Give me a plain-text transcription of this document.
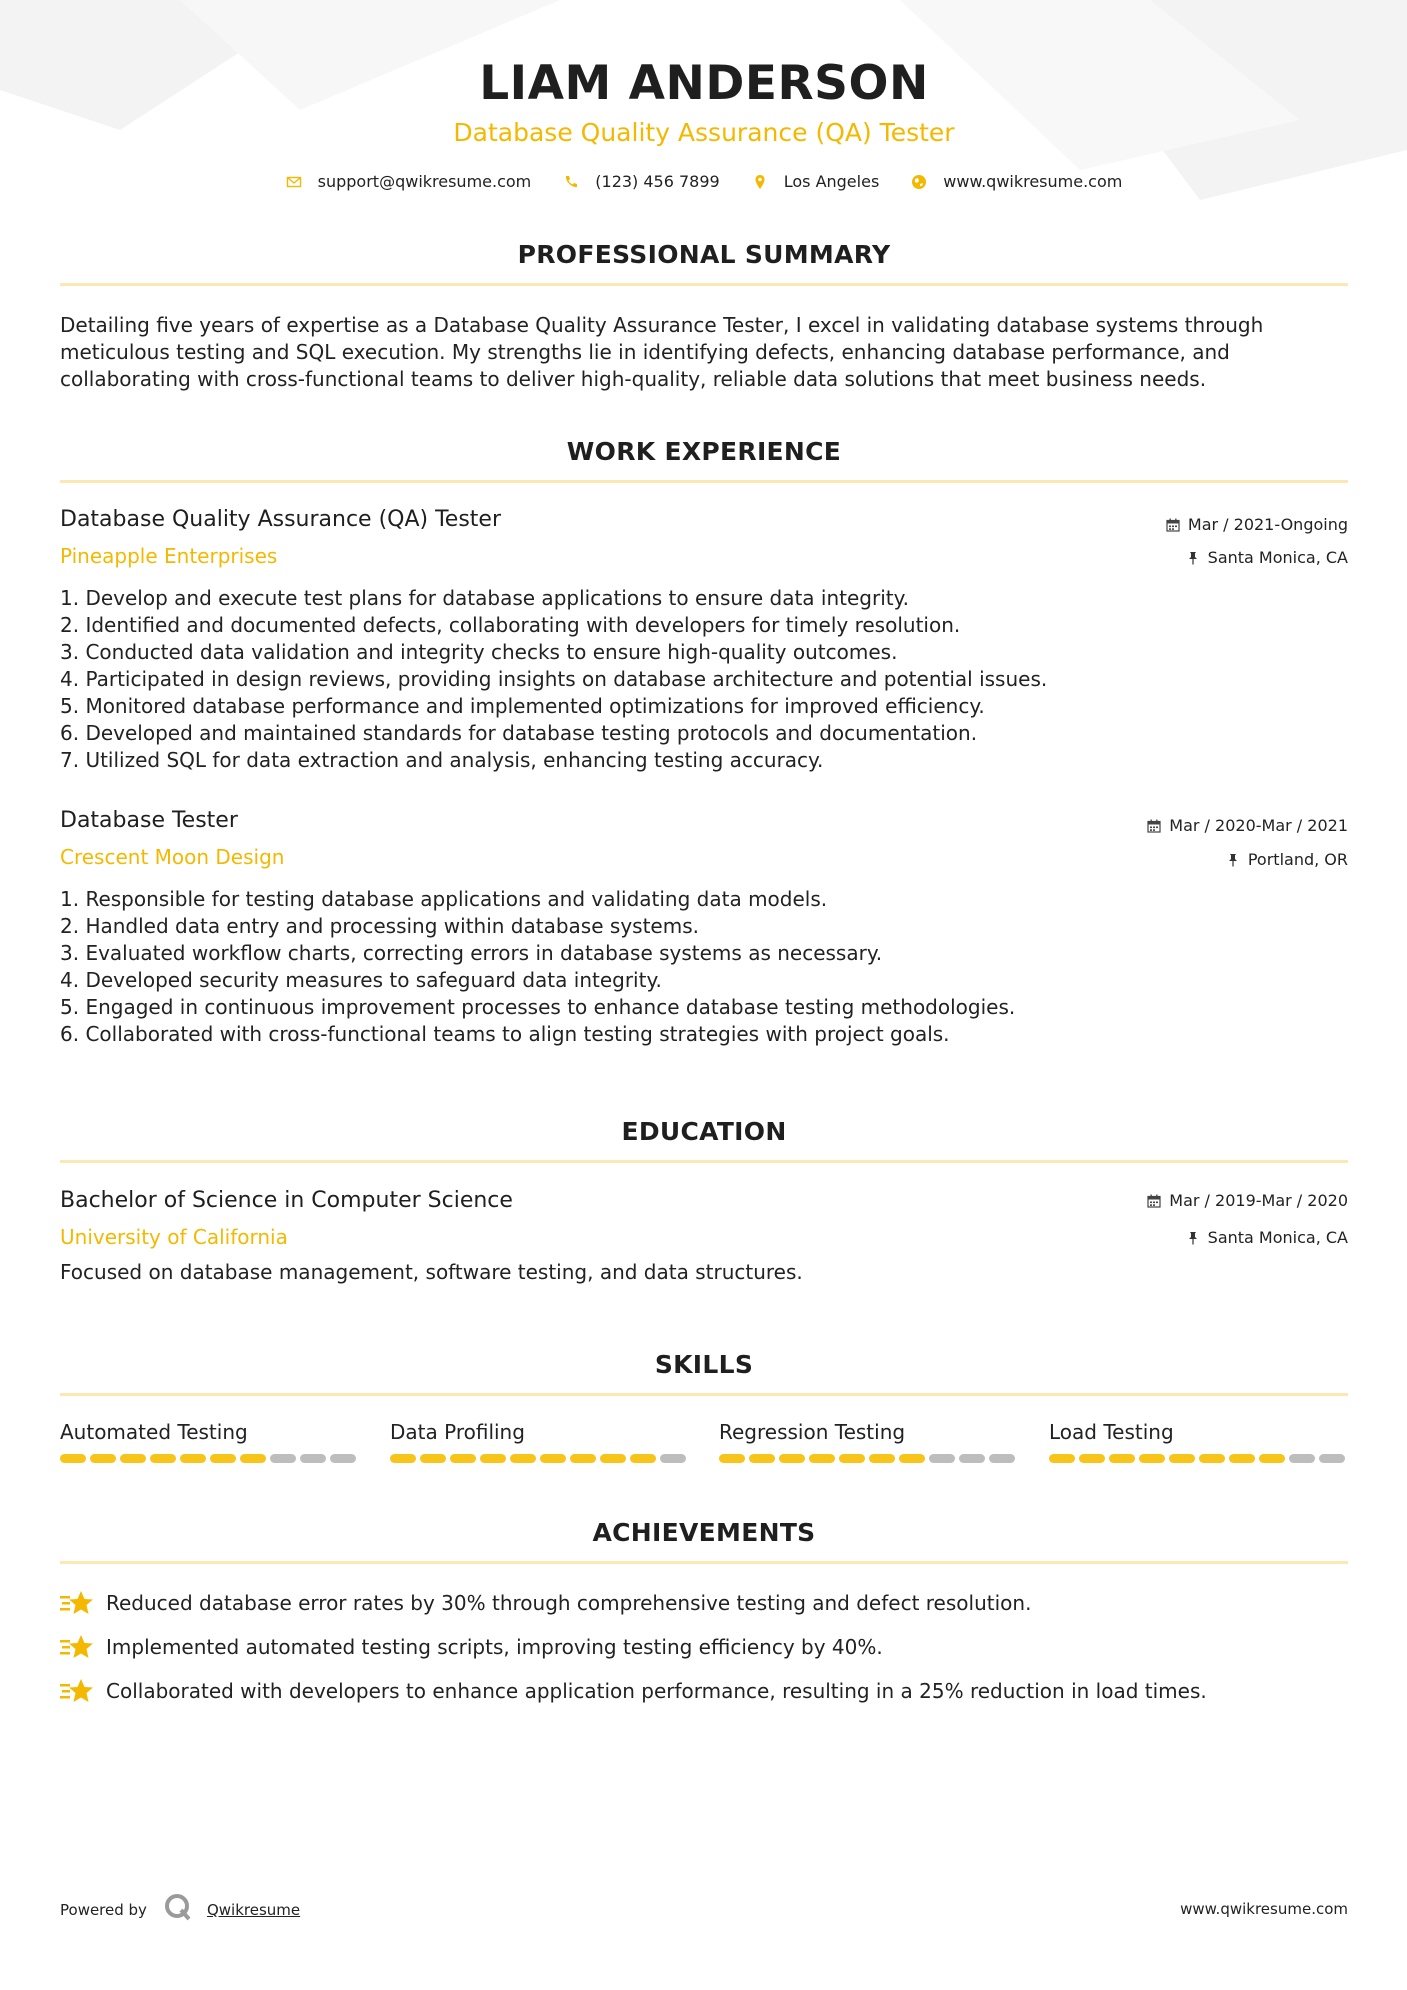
LIAM ANDERSON
Database Quality Assurance (QA) Tester
support@qwikresume.com	(123) 456 7899	Los Angeles	www.qwikresume.com
PROFESSIONAL SUMMARY
Detailing five years of expertise as a Database Quality Assurance Tester, I excel in validating database systems through
meticulous testing and SQL execution. My strengths lie in identifying defects, enhancing database performance, and
collaborating with cross-functional teams to deliver high-quality, reliable data solutions that meet business needs.
WORK EXPERIENCE
Database Quality Assurance (QA) Tester
Pineapple Enterprises
Mar / 2021-Ongoing
Santa Monica, CA
1. Develop and execute test plans for database applications to ensure data integrity.
2. Identified and documented defects, collaborating with developers for timely resolution.
3. Conducted data validation and integrity checks to ensure high-quality outcomes.
4. Participated in design reviews, providing insights on database architecture and potential issues.
5. Monitored database performance and implemented optimizations for improved efficiency.
6. Developed and maintained standards for database testing protocols and documentation.
7. Utilized SQL for data extraction and analysis, enhancing testing accuracy.
Database Tester
Crescent Moon Design
Mar / 2020-Mar / 2021
Portland, OR
1. Responsible for testing database applications and validating data models.
2. Handled data entry and processing within database systems.
3. Evaluated workflow charts, correcting errors in database systems as necessary.
4. Developed security measures to safeguard data integrity.
5. Engaged in continuous improvement processes to enhance database testing methodologies.
6. Collaborated with cross-functional teams to align testing strategies with project goals.
EDUCATION
Bachelor of Science in Computer Science
University of California
Mar / 2019-Mar / 2020
Santa Monica, CA
Focused on database management, software testing, and data structures.
SKILLS
Automated Testing	Data Profiling	Regression Testing	Load Testing
ACHIEVEMENTS
Reduced database error rates by 30% through comprehensive testing and defect resolution.
Implemented automated testing scripts, improving testing efficiency by 40%.
Collaborated with developers to enhance application performance, resulting in a 25% reduction in load times.
Powered by	Qwikresume	www.qwikresume.com
